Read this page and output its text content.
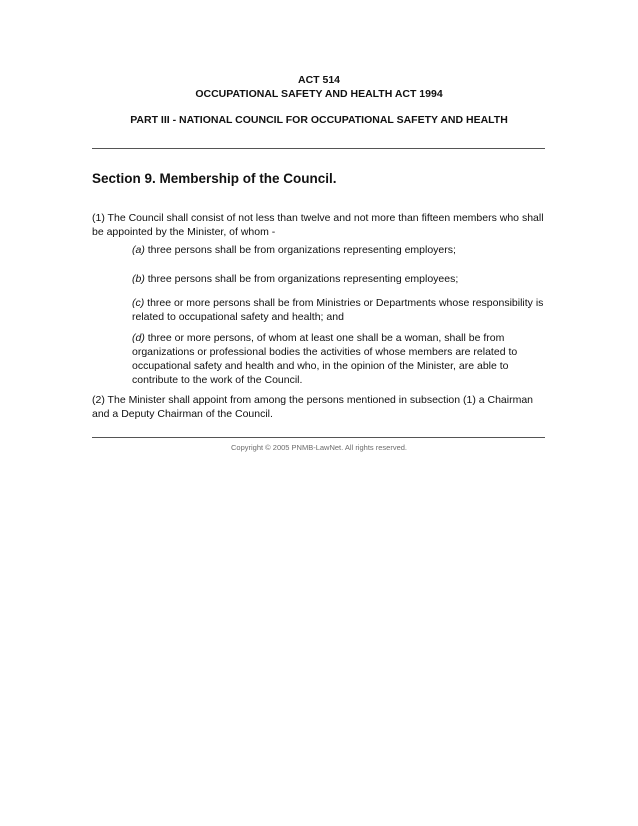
ACT 514
OCCUPATIONAL SAFETY AND HEALTH ACT 1994
PART III - NATIONAL COUNCIL FOR OCCUPATIONAL SAFETY AND HEALTH
Section 9. Membership of the Council.
(1) The Council shall consist of not less than twelve and not more than fifteen members who shall be appointed by the Minister, of whom -
(a) three persons shall be from organizations representing employers;
(b) three persons shall be from organizations representing employees;
(c) three or more persons shall be from Ministries or Departments whose responsibility is related to occupational safety and health; and
(d) three or more persons, of whom at least one shall be a woman, shall be from organizations or professional bodies the activities of whose members are related to occupational safety and health and who, in the opinion of the Minister, are able to contribute to the work of the Council.
(2) The Minister shall appoint from among the persons mentioned in subsection (1) a Chairman and a Deputy Chairman of the Council.
Copyright © 2005 PNMB-LawNet. All rights reserved.
